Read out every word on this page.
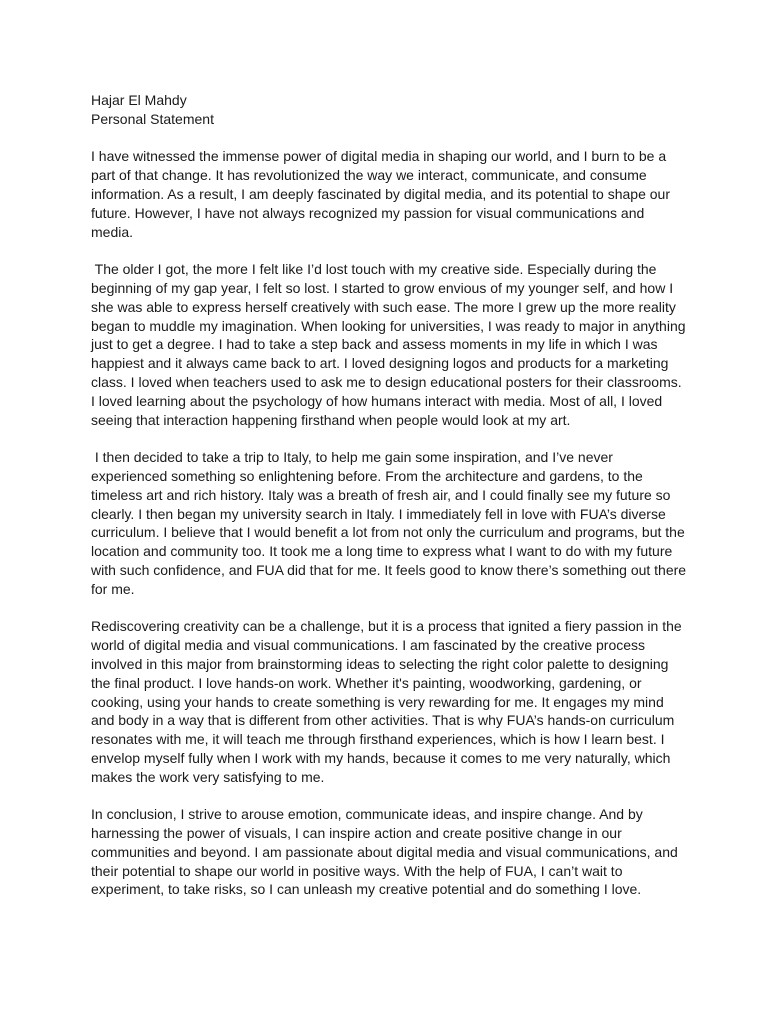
Hajar El Mahdy
Personal Statement
I have witnessed the immense power of digital media in shaping our world, and I burn to be a
part of that change. It has revolutionized the way we interact, communicate, and consume
information. As a result, I am deeply fascinated by digital media, and its potential to shape our
future. However, I have not always recognized my passion for visual communications and
media.
The older I got, the more I felt like I’d lost touch with my creative side. Especially during the
beginning of my gap year, I felt so lost. I started to grow envious of my younger self, and how I
she was able to express herself creatively with such ease. The more I grew up the more reality
began to muddle my imagination. When looking for universities, I was ready to major in anything
just to get a degree. I had to take a step back and assess moments in my life in which I was
happiest and it always came back to art. I loved designing logos and products for a marketing
class. I loved when teachers used to ask me to design educational posters for their classrooms.
I loved learning about the psychology of how humans interact with media. Most of all, I loved
seeing that interaction happening firsthand when people would look at my art.
I then decided to take a trip to Italy, to help me gain some inspiration, and I’ve never
experienced something so enlightening before. From the architecture and gardens, to the
timeless art and rich history. Italy was a breath of fresh air, and I could finally see my future so
clearly. I then began my university search in Italy. I immediately fell in love with FUA’s diverse
curriculum. I believe that I would benefit a lot from not only the curriculum and programs, but the
location and community too. It took me a long time to express what I want to do with my future
with such confidence, and FUA did that for me. It feels good to know there’s something out there
for me.
Rediscovering creativity can be a challenge, but it is a process that ignited a fiery passion in the
world of digital media and visual communications. I am fascinated by the creative process
involved in this major from brainstorming ideas to selecting the right color palette to designing
the final product. I love hands-on work. Whether it's painting, woodworking, gardening, or
cooking, using your hands to create something is very rewarding for me. It engages my mind
and body in a way that is different from other activities. That is why FUA’s hands-on curriculum
resonates with me, it will teach me through firsthand experiences, which is how I learn best. I
envelop myself fully when I work with my hands, because it comes to me very naturally, which
makes the work very satisfying to me.
In conclusion, I strive to arouse emotion, communicate ideas, and inspire change. And by
harnessing the power of visuals, I can inspire action and create positive change in our
communities and beyond. I am passionate about digital media and visual communications, and
their potential to shape our world in positive ways. With the help of FUA, I can’t wait to
experiment, to take risks, so I can unleash my creative potential and do something I love.
